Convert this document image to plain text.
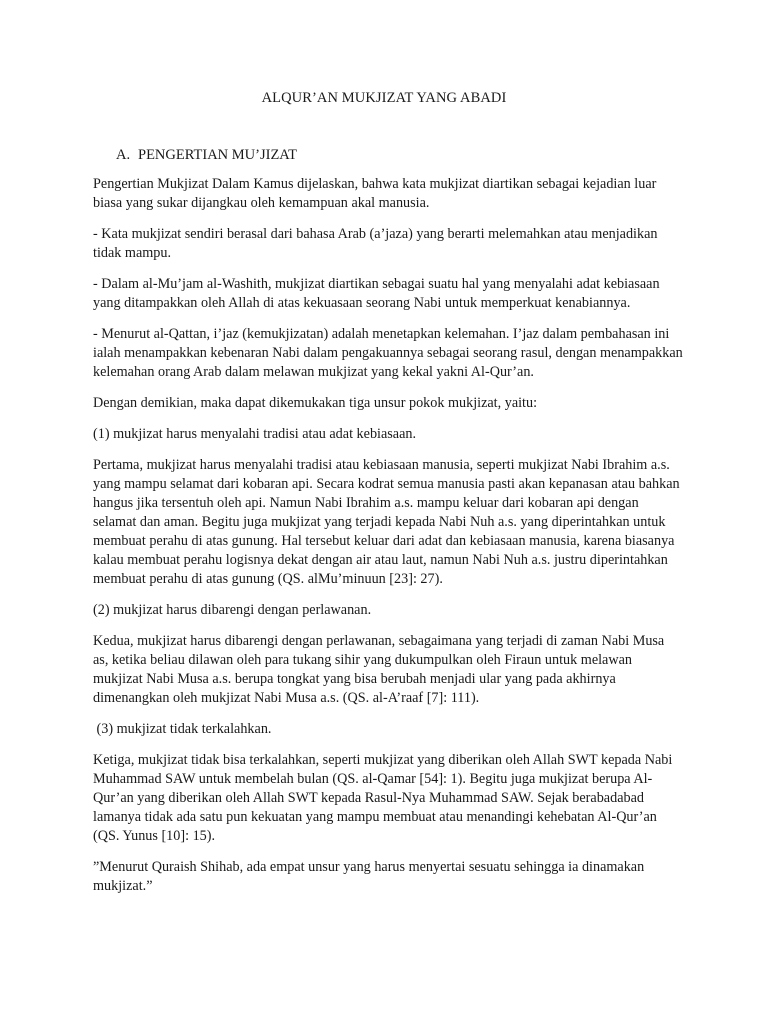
ALQUR’AN MUKJIZAT YANG ABADI
A. PENGERTIAN MU’JIZAT

Pengertian Mukjizat Dalam Kamus dijelaskan, bahwa kata mukjizat diartikan sebagai kejadian luar biasa yang sukar dijangkau oleh kemampuan akal manusia.

- Kata mukjizat sendiri berasal dari bahasa Arab (a’jaza) yang berarti melemahkan atau menjadikan tidak mampu.

- Dalam al-Mu’jam al-Washith, mukjizat diartikan sebagai suatu hal yang menyalahi adat kebiasaan yang ditampakkan oleh Allah di atas kekuasaan seorang Nabi untuk memperkuat kenabiannya.

- Menurut al-Qattan, i’jaz (kemukjizatan) adalah menetapkan kelemahan. I’jaz dalam pembahasan ini ialah menampakkan kebenaran Nabi dalam pengakuannya sebagai seorang rasul, dengan menampakkan kelemahan orang Arab dalam melawan mukjizat yang kekal yakni Al-Qur’an.

Dengan demikian, maka dapat dikemukakan tiga unsur pokok mukjizat, yaitu:

(1) mukjizat harus menyalahi tradisi atau adat kebiasaan.

Pertama, mukjizat harus menyalahi tradisi atau kebiasaan manusia, seperti mukjizat Nabi Ibrahim a.s. yang mampu selamat dari kobaran api. Secara kodrat semua manusia pasti akan kepanasan atau bahkan hangus jika tersentuh oleh api. Namun Nabi Ibrahim a.s. mampu keluar dari kobaran api dengan selamat dan aman. Begitu juga mukjizat yang terjadi kepada Nabi Nuh a.s. yang diperintahkan untuk membuat perahu di atas gunung. Hal tersebut keluar dari adat dan kebiasaan manusia, karena biasanya kalau membuat perahu logisnya dekat dengan air atau laut, namun Nabi Nuh a.s. justru diperintahkan membuat perahu di atas gunung (QS. alMu’minuun [23]: 27).

(2) mukjizat harus dibarengi dengan perlawanan.

Kedua, mukjizat harus dibarengi dengan perlawanan, sebagaimana yang terjadi di zaman Nabi Musa as, ketika beliau dilawan oleh para tukang sihir yang dukumpulkan oleh Firaun untuk melawan mukjizat Nabi Musa a.s. berupa tongkat yang bisa berubah menjadi ular yang pada akhirnya dimenangkan oleh mukjizat Nabi Musa a.s. (QS. al-A’raaf [7]: 111).

(3) mukjizat tidak terkalahkan.

Ketiga, mukjizat tidak bisa terkalahkan, seperti mukjizat yang diberikan oleh Allah SWT kepada Nabi Muhammad SAW untuk membelah bulan (QS. al-Qamar [54]: 1). Begitu juga mukjizat berupa Al-Qur’an yang diberikan oleh Allah SWT kepada Rasul-Nya Muhammad SAW. Sejak berabadabad lamanya tidak ada satu pun kekuatan yang mampu membuat atau menandingi kehebatan Al-Qur’an (QS. Yunus [10]: 15).

”Menurut Quraish Shihab, ada empat unsur yang harus menyertai sesuatu sehingga ia dinamakan mukjizat.”
